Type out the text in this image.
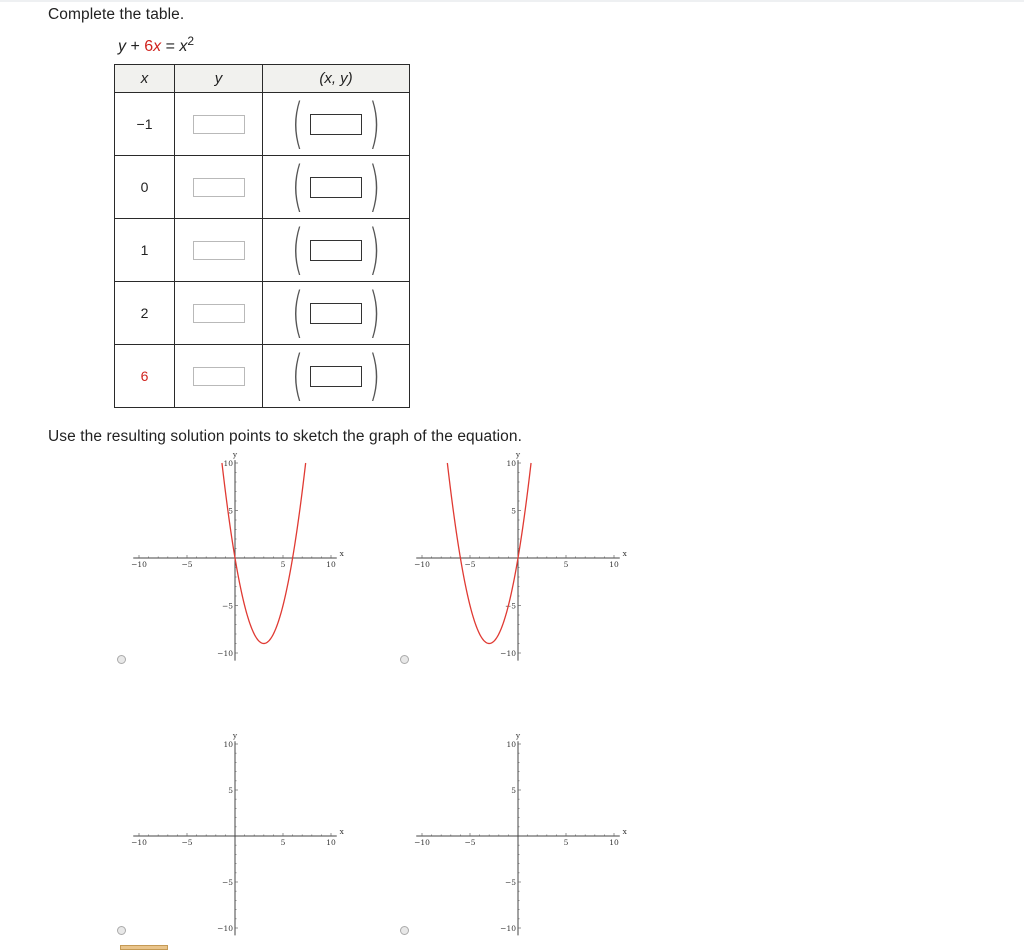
Complete the table.
$y + 6x = x^2$
x	y	(x, y)
−1		( )

0		( )

1		( )

2		( )

6		( )
Use the resulting solution points to sketch the graph of the equation.
−10
−10
−5
−5
5
5
10
10
x
y
−10
−10
−5
−5
5
5
10
10
x
y
−10
−10
−5
−5
5
5
10
10
x
y
−10
−10
−5
−5
5
5
10
10
x
y
